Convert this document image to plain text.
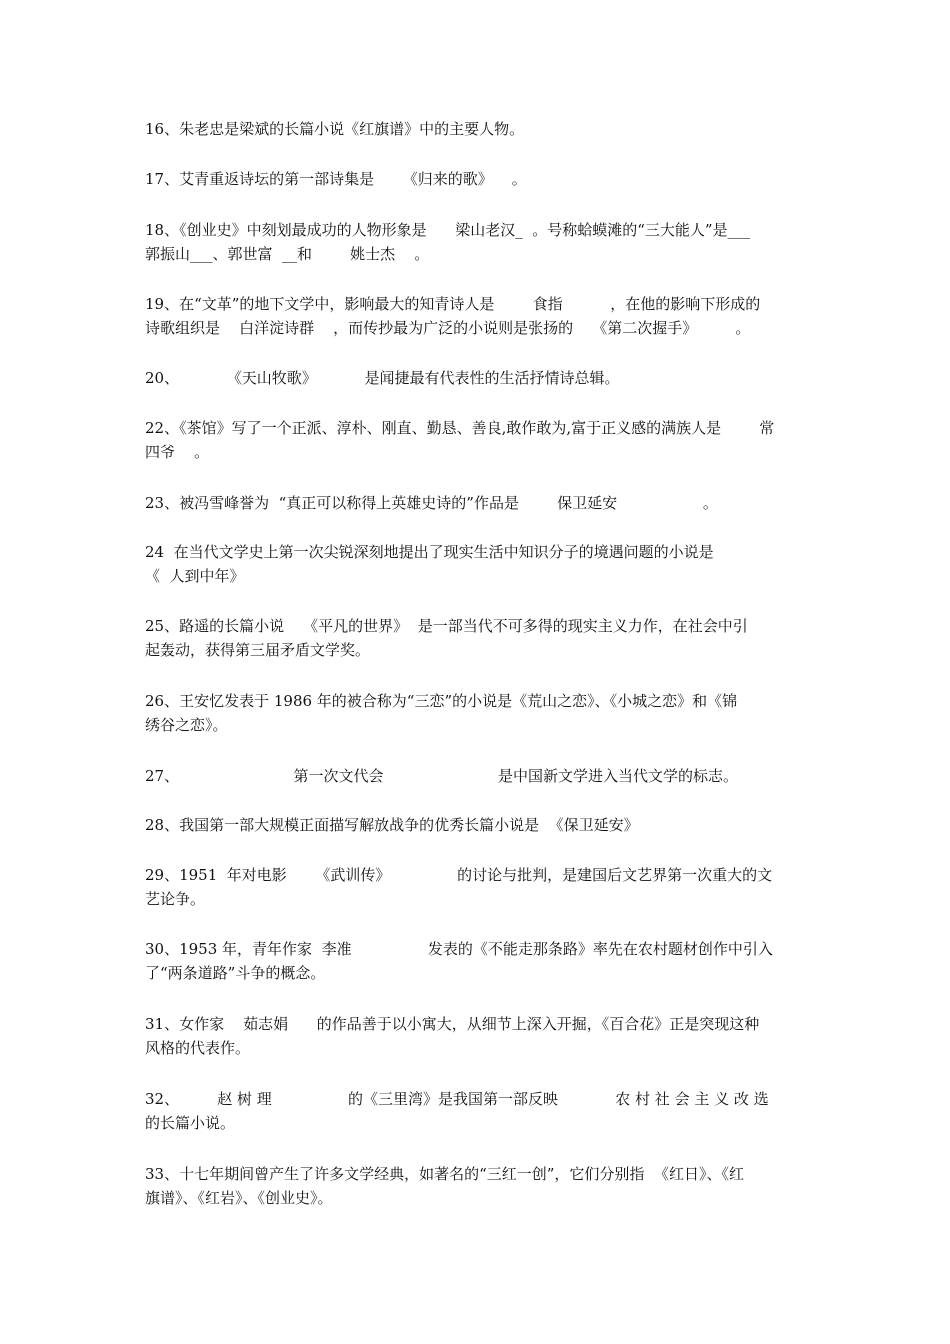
16、朱老忠是梁斌的长篇小说《红旗谱》中的主要人物。
17、艾青重返诗坛的第一部诗集是      《归来的歌》    。
18、《创业史》中刻划最成功的人物形象是      梁山老汉_  。号称蛤蟆滩的“三大能人”是___
郭振山___、郭世富  __和        姚士杰    。
19、在“文革”的地下文学中，影响最大的知青诗人是        食指          ，在他的影响下形成的
诗歌组织是    白洋淀诗群    ，而传抄最为广泛的小说则是张扬的    《第二次握手》        。
20、          《天山牧歌》          是闻捷最有代表性的生活抒情诗总辑。
22、《茶馆》写了一个正派、淳朴、刚直、勤恳、善良,敢作敢为,富于正义感的满族人是        常
四爷    。
23、被冯雪峰誉为  “真正可以称得上英雄史诗的”作品是        保卫延安                  。
24  在当代文学史上第一次尖锐深刻地提出了现实生活中知识分子的境遇问题的小说是
《  人到中年》
25、路遥的长篇小说    《平凡的世界》  是一部当代不可多得的现实主义力作，在社会中引
起轰动，获得第三届矛盾文学奖。
26、王安忆发表于 1986 年的被合称为“三恋”的小说是《荒山之恋》、《小城之恋》和《锦
绣谷之恋》。
27、                        第一次文代会                        是中国新文学进入当代文学的标志。
28、我国第一部大规模正面描写解放战争的优秀长篇小说是  《保卫延安》
29、1951  年对电影      《武训传》              的讨论与批判，是建国后文艺界第一次重大的文
艺论争。
30、1953 年，青年作家  李准                发表的《不能走那条路》率先在农村题材创作中引入
了“两条道路”斗争的概念。
31、女作家    茹志娟      的作品善于以小寓大，从细节上深入开掘，《百合花》正是突现这种
风格的代表作。
32、        赵 树 理                的《三里湾》是我国第一部反映            农 村 社 会 主 义 改 选
的长篇小说。
33、十七年期间曾产生了许多文学经典，如著名的“三红一创”，它们分别指  《红日》、《红
旗谱》、《红岩》、《创业史》。
